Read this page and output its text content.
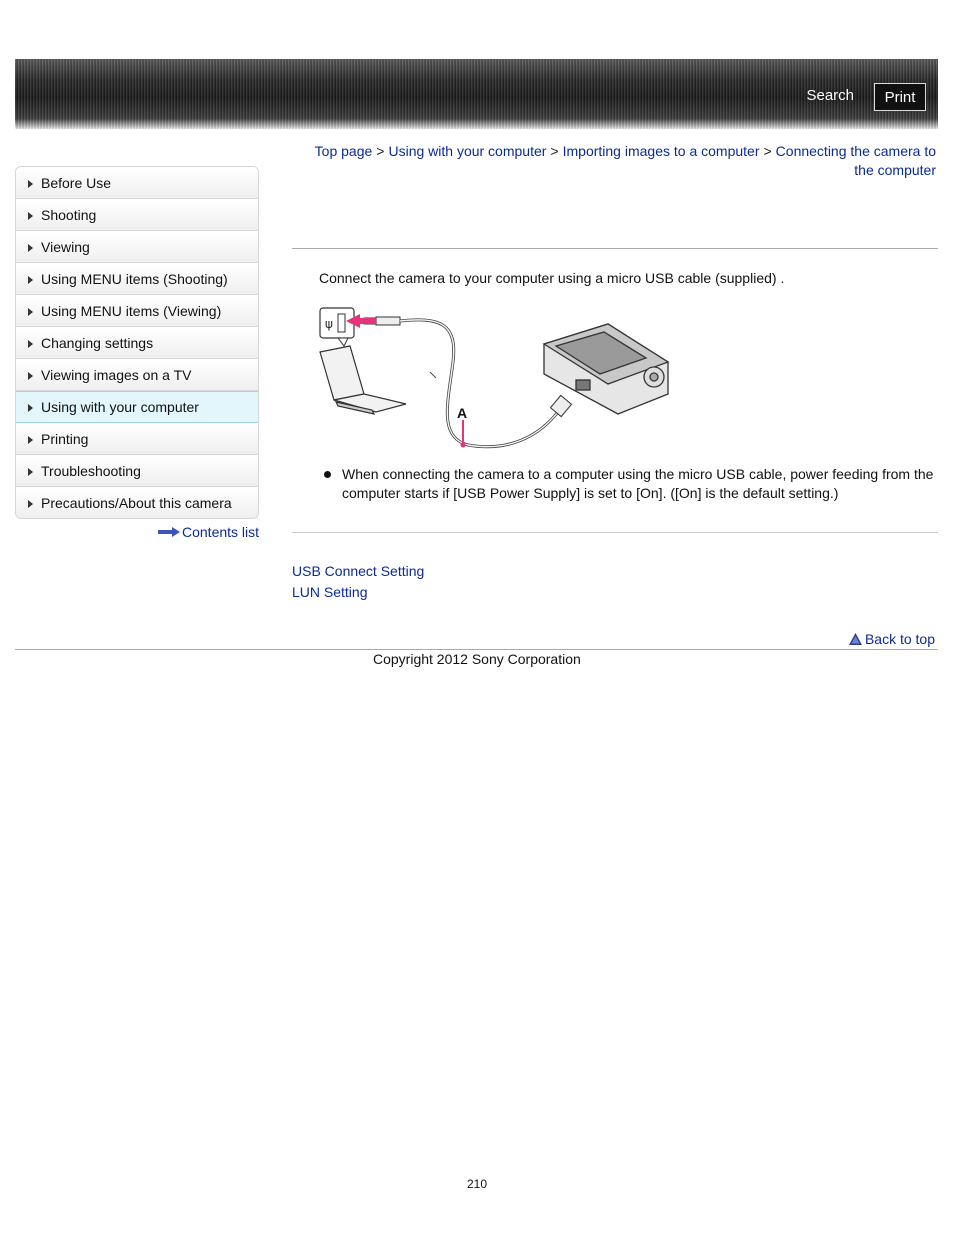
Search	Print
Top page > Using with your computer > Importing images to a computer > Connecting the camera to the computer
Before Use
Shooting
Viewing
Using MENU items (Shooting)
Using MENU items (Viewing)
Changing settings
Viewing images on a TV
Using with your computer
Printing
Troubleshooting
Precautions/About this camera
Contents list
Connect the camera to your computer using a micro USB cable (supplied) .
ψ
A
When connecting the camera to a computer using the micro USB cable, power feeding from the computer starts if [USB Power Supply] is set to [On]. ([On] is the default setting.)
USB Connect Setting
LUN Setting
Back to top
Copyright 2012 Sony Corporation
210
